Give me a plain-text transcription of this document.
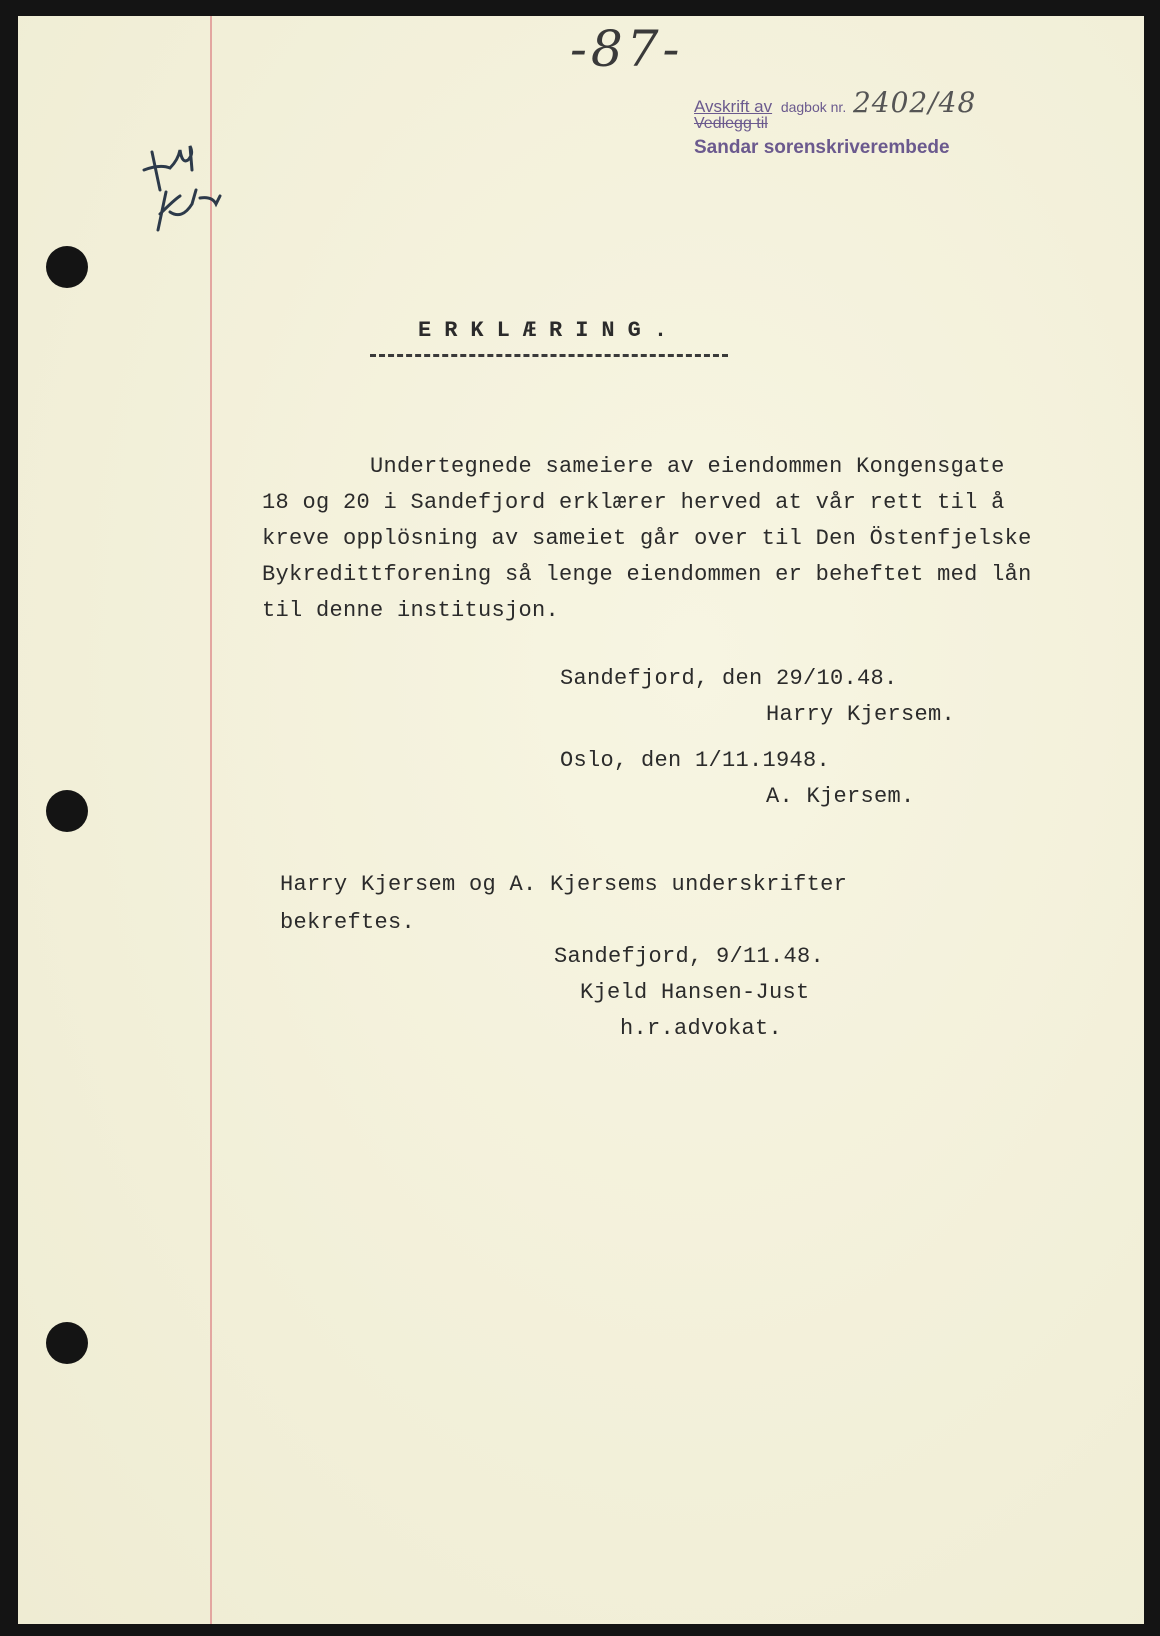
-87-
Avskrift av dagbok nr. 2402/48
Vedlegg til
Sandar sorenskriverembede
ERKLÆRING.
Undertegnede sameiere av eiendommen Kongensgate
18 og 20 i Sandefjord erklærer herved at vår rett til å
kreve opplösning av sameiet går over til Den Östenfjelske
Bykredittforening så lenge eiendommen er beheftet med lån
til denne institusjon.
Sandefjord, den 29/10.48.
Harry Kjersem.
Oslo, den 1/11.1948.
A. Kjersem.
Harry Kjersem og A. Kjersems underskrifter
bekreftes.
Sandefjord, 9/11.48.
Kjeld Hansen-Just
h.r.advokat.
